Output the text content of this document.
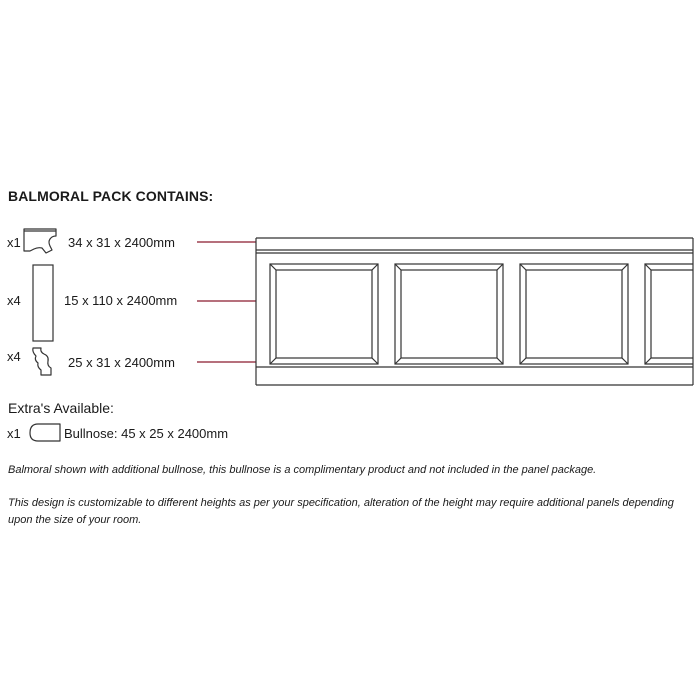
BALMORAL PACK CONTAINS:
x1	34 x 31 x 2400mm
x4	15 x 110 x 2400mm
x4	25 x 31 x 2400mm
Extra's Available:
x1	Bullnose: 45 x 25 x 2400mm
Balmoral shown with additional bullnose, this bullnose is a complimentary product and not included in the panel package.
This design is customizable to different heights as per your specification, alteration of the height may require additional panels depending upon the size of your room.
